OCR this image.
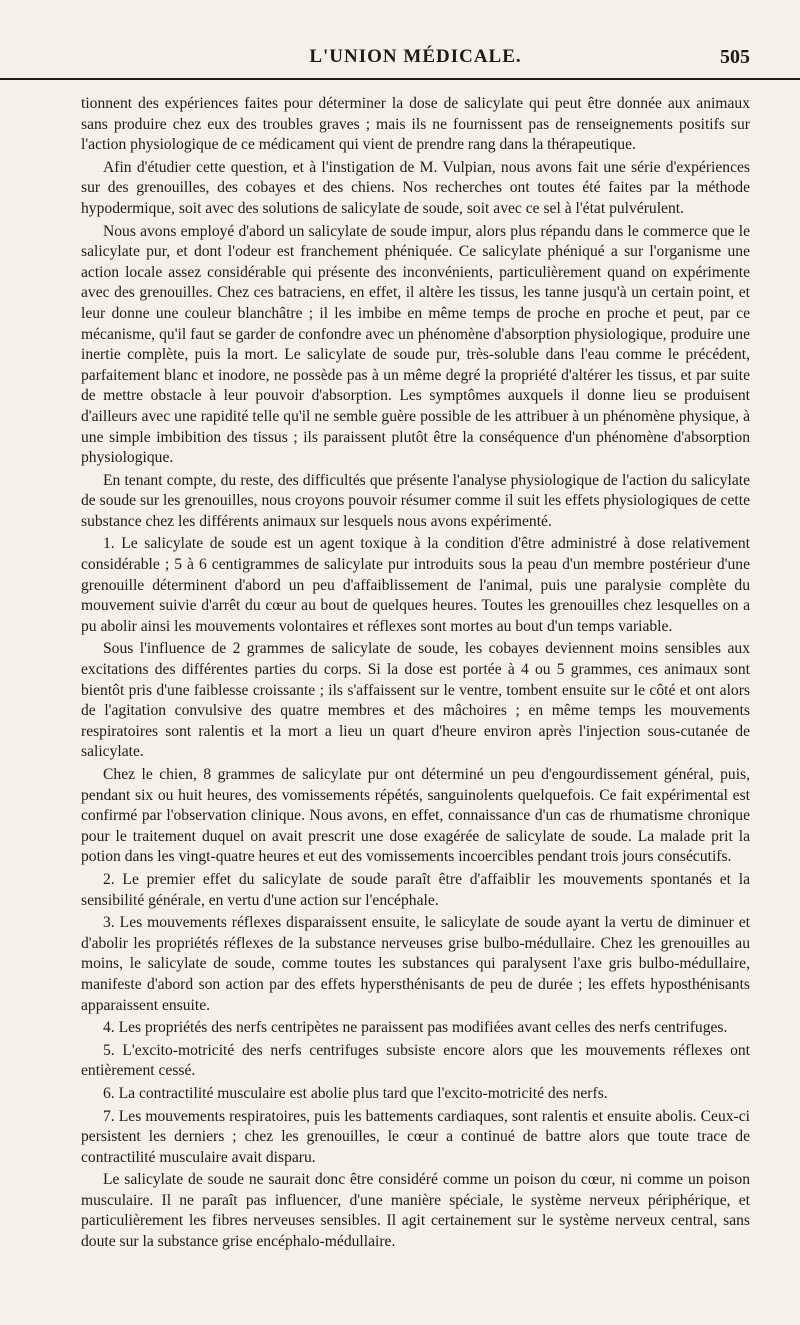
L'UNION MÉDICALE.	505

tionnent des expériences faites pour déterminer la dose de salicylate qui peut être donnée aux animaux sans produire chez eux des troubles graves ; mais ils ne fournissent pas de renseignements positifs sur l'action physiologique de ce médicament qui vient de prendre rang dans la thérapeutique.

Afin d'étudier cette question, et à l'instigation de M. Vulpian, nous avons fait une série d'expériences sur des grenouilles, des cobayes et des chiens. Nos recherches ont toutes été faites par la méthode hypodermique, soit avec des solutions de salicylate de soude, soit avec ce sel à l'état pulvérulent.

Nous avons employé d'abord un salicylate de soude impur, alors plus répandu dans le commerce que le salicylate pur, et dont l'odeur est franchement phéniquée. Ce salicylate phéniqué a sur l'organisme une action locale assez considérable qui présente des inconvénients, particulièrement quand on expérimente avec des grenouilles. Chez ces batraciens, en effet, il altère les tissus, les tanne jusqu'à un certain point, et leur donne une couleur blanchâtre ; il les imbibe en même temps de proche en proche et peut, par ce mécanisme, qu'il faut se garder de confondre avec un phénomène d'absorption physiologique, produire une inertie complète, puis la mort. Le salicylate de soude pur, très-soluble dans l'eau comme le précédent, parfaitement blanc et inodore, ne possède pas à un même degré la propriété d'altérer les tissus, et par suite de mettre obstacle à leur pouvoir d'absorption. Les symptômes auxquels il donne lieu se produisent d'ailleurs avec une rapidité telle qu'il ne semble guère possible de les attribuer à un phénomène physique, à une simple imbibition des tissus ; ils paraissent plutôt être la conséquence d'un phénomène d'absorption physiologique.

En tenant compte, du reste, des difficultés que présente l'analyse physiologique de l'action du salicylate de soude sur les grenouilles, nous croyons pouvoir résumer comme il suit les effets physiologiques de cette substance chez les différents animaux sur lesquels nous avons expérimenté.

1. Le salicylate de soude est un agent toxique à la condition d'être administré à dose relativement considérable ; 5 à 6 centigrammes de salicylate pur introduits sous la peau d'un membre postérieur d'une grenouille déterminent d'abord un peu d'affaiblissement de l'animal, puis une paralysie complète du mouvement suivie d'arrêt du cœur au bout de quelques heures. Toutes les grenouilles chez lesquelles on a pu abolir ainsi les mouvements volontaires et réflexes sont mortes au bout d'un temps variable.

Sous l'influence de 2 grammes de salicylate de soude, les cobayes deviennent moins sensibles aux excitations des différentes parties du corps. Si la dose est portée à 4 ou 5 grammes, ces animaux sont bientôt pris d'une faiblesse croissante ; ils s'affaissent sur le ventre, tombent ensuite sur le côté et ont alors de l'agitation convulsive des quatre membres et des mâchoires ; en même temps les mouvements respiratoires sont ralentis et la mort a lieu un quart d'heure environ après l'injection sous-cutanée de salicylate.

Chez le chien, 8 grammes de salicylate pur ont déterminé un peu d'engourdissement général, puis, pendant six ou huit heures, des vomissements répétés, sanguinolents quelquefois. Ce fait expérimental est confirmé par l'observation clinique. Nous avons, en effet, connaissance d'un cas de rhumatisme chronique pour le traitement duquel on avait prescrit une dose exagérée de salicylate de soude. La malade prit la potion dans les vingt-quatre heures et eut des vomissements incoercibles pendant trois jours consécutifs.

2. Le premier effet du salicylate de soude paraît être d'affaiblir les mouvements spontanés et la sensibilité générale, en vertu d'une action sur l'encéphale.

3. Les mouvements réflexes disparaissent ensuite, le salicylate de soude ayant la vertu de diminuer et d'abolir les propriétés réflexes de la substance nerveuses grise bulbo-médullaire. Chez les grenouilles au moins, le salicylate de soude, comme toutes les substances qui paralysent l'axe gris bulbo-médullaire, manifeste d'abord son action par des effets hypersthénisants de peu de durée ; les effets hyposthénisants apparaissent ensuite.

4. Les propriétés des nerfs centripètes ne paraissent pas modifiées avant celles des nerfs centrifuges.

5. L'excito-motricité des nerfs centrifuges subsiste encore alors que les mouvements réflexes ont entièrement cessé.

6. La contractilité musculaire est abolie plus tard que l'excito-motricité des nerfs.

7. Les mouvements respiratoires, puis les battements cardiaques, sont ralentis et ensuite abolis. Ceux-ci persistent les derniers ; chez les grenouilles, le cœur a continué de battre alors que toute trace de contractilité musculaire avait disparu.

Le salicylate de soude ne saurait donc être considéré comme un poison du cœur, ni comme un poison musculaire. Il ne paraît pas influencer, d'une manière spéciale, le système nerveux périphérique, et particulièrement les fibres nerveuses sensibles. Il agit certainement sur le système nerveux central, sans doute sur la substance grise encéphalo-médullaire.
